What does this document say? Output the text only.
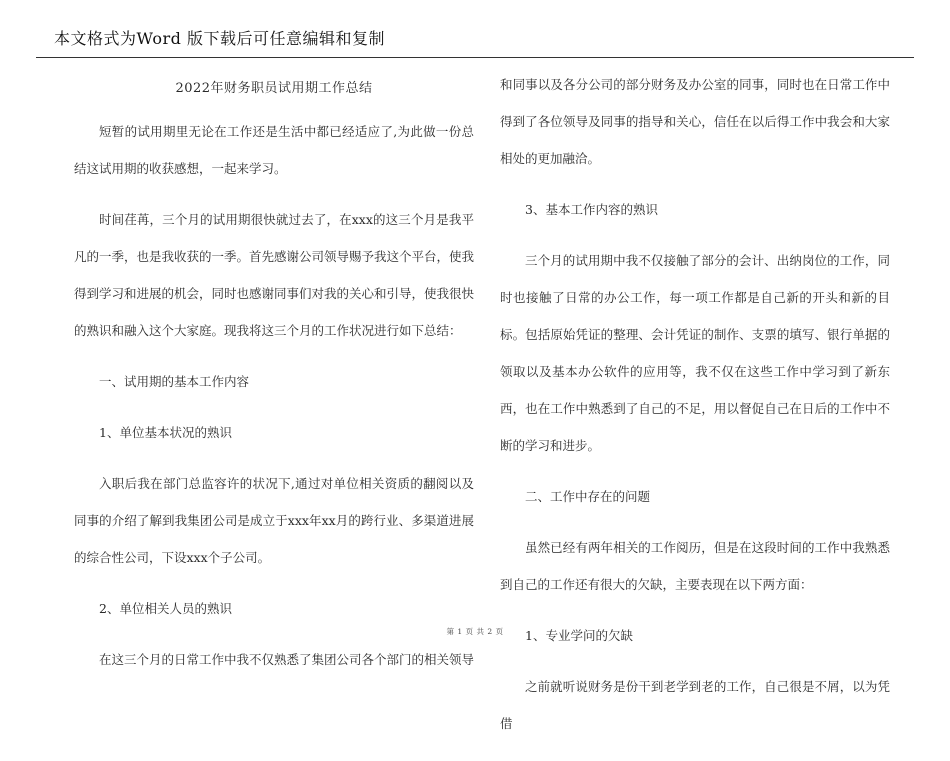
本文格式为Word 版下载后可任意编辑和复制
2022年财务职员试用期工作总结

短暂的试用期里无论在工作还是生活中都已经适应了,为此做一份总结这试用期的收获感想，一起来学习。

时间荏苒，三个月的试用期很快就过去了，在xxx的这三个月是我平凡的一季，也是我收获的一季。首先感谢公司领导赐予我这个平台，使我得到学习和进展的机会，同时也感谢同事们对我的关心和引导，使我很快的熟识和融入这个大家庭。现我将这三个月的工作状况进行如下总结：

一、试用期的基本工作内容
1、单位基本状况的熟识

入职后我在部门总监容许的状况下,通过对单位相关资质的翻阅以及同事的介绍了解到我集团公司是成立于xxx年xx月的跨行业、多渠道进展的综合性公司，下设xxx个子公司。

2、单位相关人员的熟识

在这三个月的日常工作中我不仅熟悉了集团公司各个部门的相关领导

和同事以及各分公司的部分财务及办公室的同事，同时也在日常工作中得到了各位领导及同事的指导和关心，信任在以后得工作中我会和大家相处的更加融洽。

3、基本工作内容的熟识

三个月的试用期中我不仅接触了部分的会计、出纳岗位的工作，同时也接触了日常的办公工作，每一项工作都是自己新的开头和新的目标。包括原始凭证的整理、会计凭证的制作、支票的填写、银行单据的领取以及基本办公软件的应用等，我不仅在这些工作中学习到了新东西，也在工作中熟悉到了自己的不足，用以督促自己在日后的工作中不断的学习和进步。

二、工作中存在的问题

虽然已经有两年相关的工作阅历，但是在这段时间的工作中我熟悉到自己的工作还有很大的欠缺，主要表现在以下两方面：

1、专业学问的欠缺

之前就听说财务是份干到老学到老的工作，自己很是不屑，以为凭借

第 1 页 共 2 页
